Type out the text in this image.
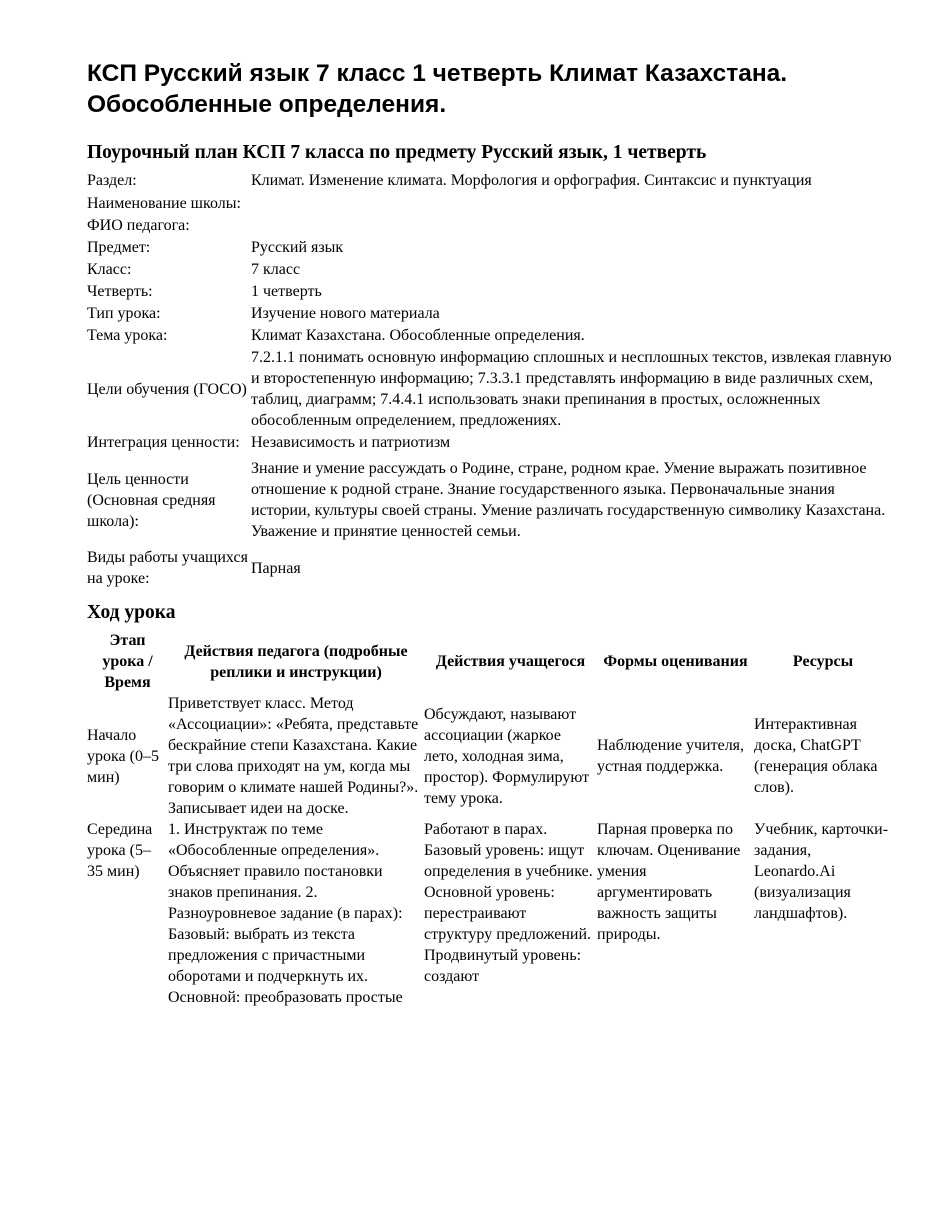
КСП Русский язык 7 класс 1 четверть Климат Казахстана. Обособленные определения.
Поурочный план КСП 7 класса по предмету Русский язык, 1 четверть
Раздел:	Климат. Изменение климата. Морфология и орфография. Синтаксис и пунктуация
Наименование школы:	
ФИО педагога:	
Предмет:	Русский язык
Класс:	7 класс
Четверть:	1 четверть
Тип урока:	Изучение нового материала
Тема урока:	Климат Казахстана. Обособленные определения.
Цели обучения (ГОСО)	7.2.1.1 понимать основную информацию сплошных и несплошных текстов, извлекая главную и второстепенную информацию; 7.3.3.1 представлять информацию в виде различных схем, таблиц, диаграмм; 7.4.4.1 использовать знаки препинания в простых, осложненных обособленным определением, предложениях.
Интеграция ценности:	Независимость и патриотизм
Цель ценности (Основная средняя школа):	Знание и умение рассуждать о Родине, стране, родном крае. Умение выражать позитивное отношение к родной стране. Знание государственного языка. Первоначальные знания истории, культуры своей страны. Умение различать государственную символику Казахстана. Уважение и принятие ценностей семьи.
Виды работы учащихся на уроке:	Парная
Ход урока
Этап урока / Время	Действия педагога (подробные реплики и инструкции)	Действия учащегося	Формы оценивания	Ресурсы
Начало урока (0–5 мин)	Приветствует класс. Метод «Ассоциации»: «Ребята, представьте бескрайние степи Казахстана. Какие три слова приходят на ум, когда мы говорим о климате нашей Родины?». Записывает идеи на доске.	Обсуждают, называют ассоциации (жаркое лето, холодная зима, простор). Формулируют тему урока.	Наблюдение учителя, устная поддержка.	Интерактивная доска, ChatGPT (генерация облака слов).
Середина урока (5–35 мин)	1. Инструктаж по теме «Обособленные определения». Объясняет правило постановки знаков препинания. 2. Разноуровневое задание (в парах): Базовый: выбрать из текста предложения с причастными оборотами и подчеркнуть их. Основной: преобразовать простые	Работают в парах. Базовый уровень: ищут определения в учебнике. Основной уровень: перестраивают структуру предложений. Продвинутый уровень: создают	Парная проверка по ключам. Оценивание умения аргументировать важность защиты природы.	Учебник, карточки-задания, Leonardo.Ai (визуализация ландшафтов).
